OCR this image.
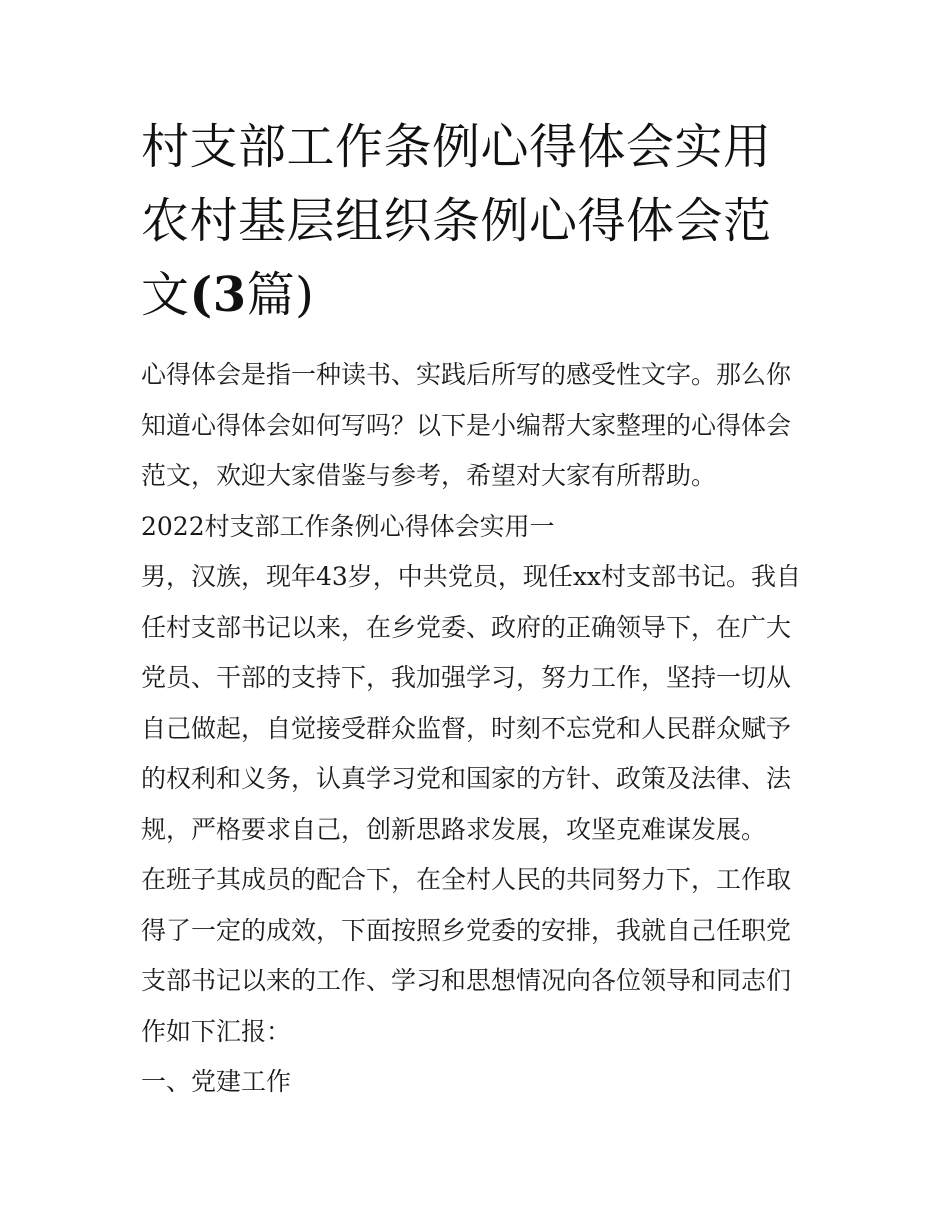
村支部工作条例心得体会实用农村基层组织条例心得体会范文(3篇)

心得体会是指一种读书、实践后所写的感受性文字。那么你知道心得体会如何写吗？以下是小编帮大家整理的心得体会范文，欢迎大家借鉴与参考，希望对大家有所帮助。

2022村支部工作条例心得体会实用一

男，汉族，现年43岁，中共党员，现任xx村支部书记。我自任村支部书记以来，在乡党委、政府的正确领导下，在广大党员、干部的支持下，我加强学习，努力工作，坚持一切从自己做起，自觉接受群众监督，时刻不忘党和人民群众赋予的权利和义务，认真学习党和国家的方针、政策及法律、法规，严格要求自己，创新思路求发展，攻坚克难谋发展。

在班子其成员的配合下，在全村人民的共同努力下，工作取得了一定的成效，下面按照乡党委的安排，我就自己任职党支部书记以来的工作、学习和思想情况向各位领导和同志们作如下汇报：

一、党建工作
